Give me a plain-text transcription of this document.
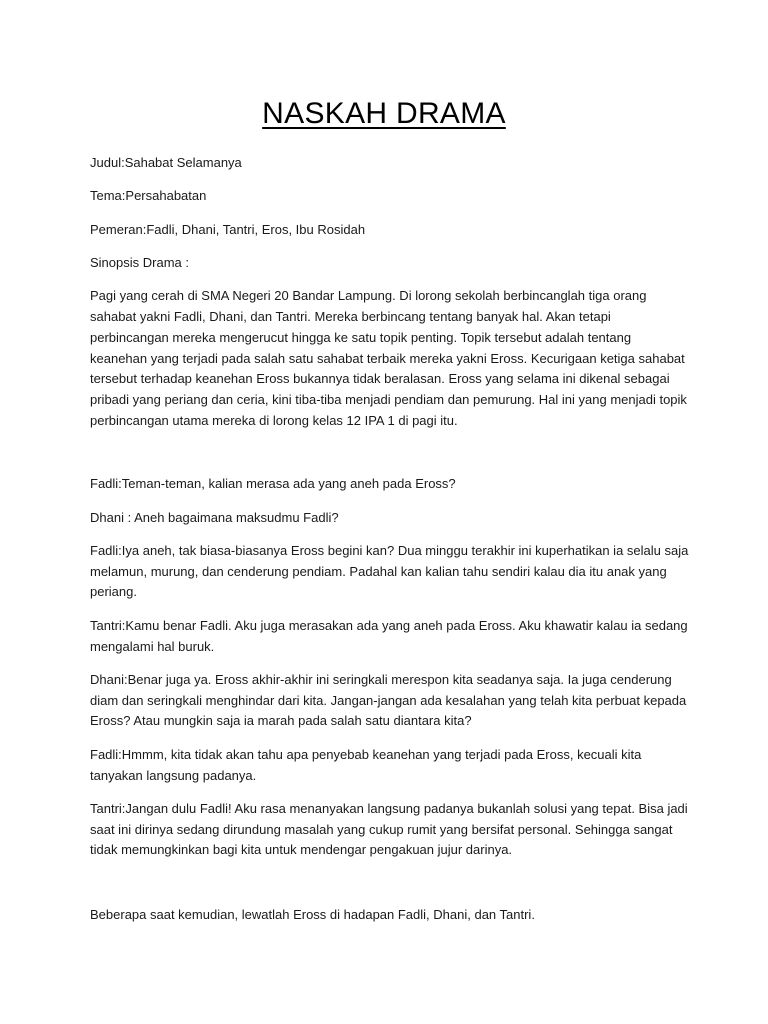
NASKAH DRAMA

Judul:Sahabat Selamanya

Tema:Persahabatan

Pemeran:Fadli, Dhani, Tantri, Eros, Ibu Rosidah

Sinopsis Drama :

Pagi yang cerah di SMA Negeri 20 Bandar Lampung. Di lorong sekolah berbincanglah tiga orang sahabat yakni Fadli, Dhani, dan Tantri. Mereka berbincang tentang banyak hal. Akan tetapi perbincangan mereka mengerucut hingga ke satu topik penting. Topik tersebut adalah tentang keanehan yang terjadi pada salah satu sahabat terbaik mereka yakni Eross. Kecurigaan ketiga sahabat tersebut terhadap keanehan Eross bukannya tidak beralasan. Eross yang selama ini dikenal sebagai pribadi yang periang dan ceria, kini tiba-tiba menjadi pendiam dan pemurung. Hal ini yang menjadi topik perbincangan utama mereka di lorong kelas 12 IPA 1 di pagi itu.

Fadli:Teman-teman, kalian merasa ada yang aneh pada Eross?

Dhani : Aneh bagaimana maksudmu Fadli?

Fadli:Iya aneh, tak biasa-biasanya Eross begini kan? Dua minggu terakhir ini kuperhatikan ia selalu saja melamun, murung, dan cenderung pendiam. Padahal kan kalian tahu sendiri kalau dia itu anak yang periang.

Tantri:Kamu benar Fadli. Aku juga merasakan ada yang aneh pada Eross. Aku khawatir kalau ia sedang mengalami hal buruk.

Dhani:Benar juga ya. Eross akhir-akhir ini seringkali merespon kita seadanya saja. Ia juga cenderung diam dan seringkali menghindar dari kita. Jangan-jangan ada kesalahan yang telah kita perbuat kepada Eross? Atau mungkin saja ia marah pada salah satu diantara kita?

Fadli:Hmmm, kita tidak akan tahu apa penyebab keanehan yang terjadi pada Eross, kecuali kita tanyakan langsung padanya.

Tantri:Jangan dulu Fadli! Aku rasa menanyakan langsung padanya bukanlah solusi yang tepat. Bisa jadi saat ini dirinya sedang dirundung masalah yang cukup rumit yang bersifat personal. Sehingga sangat tidak memungkinkan bagi kita untuk mendengar pengakuan jujur darinya.

Beberapa saat kemudian, lewatlah Eross di hadapan Fadli, Dhani, dan Tantri.
